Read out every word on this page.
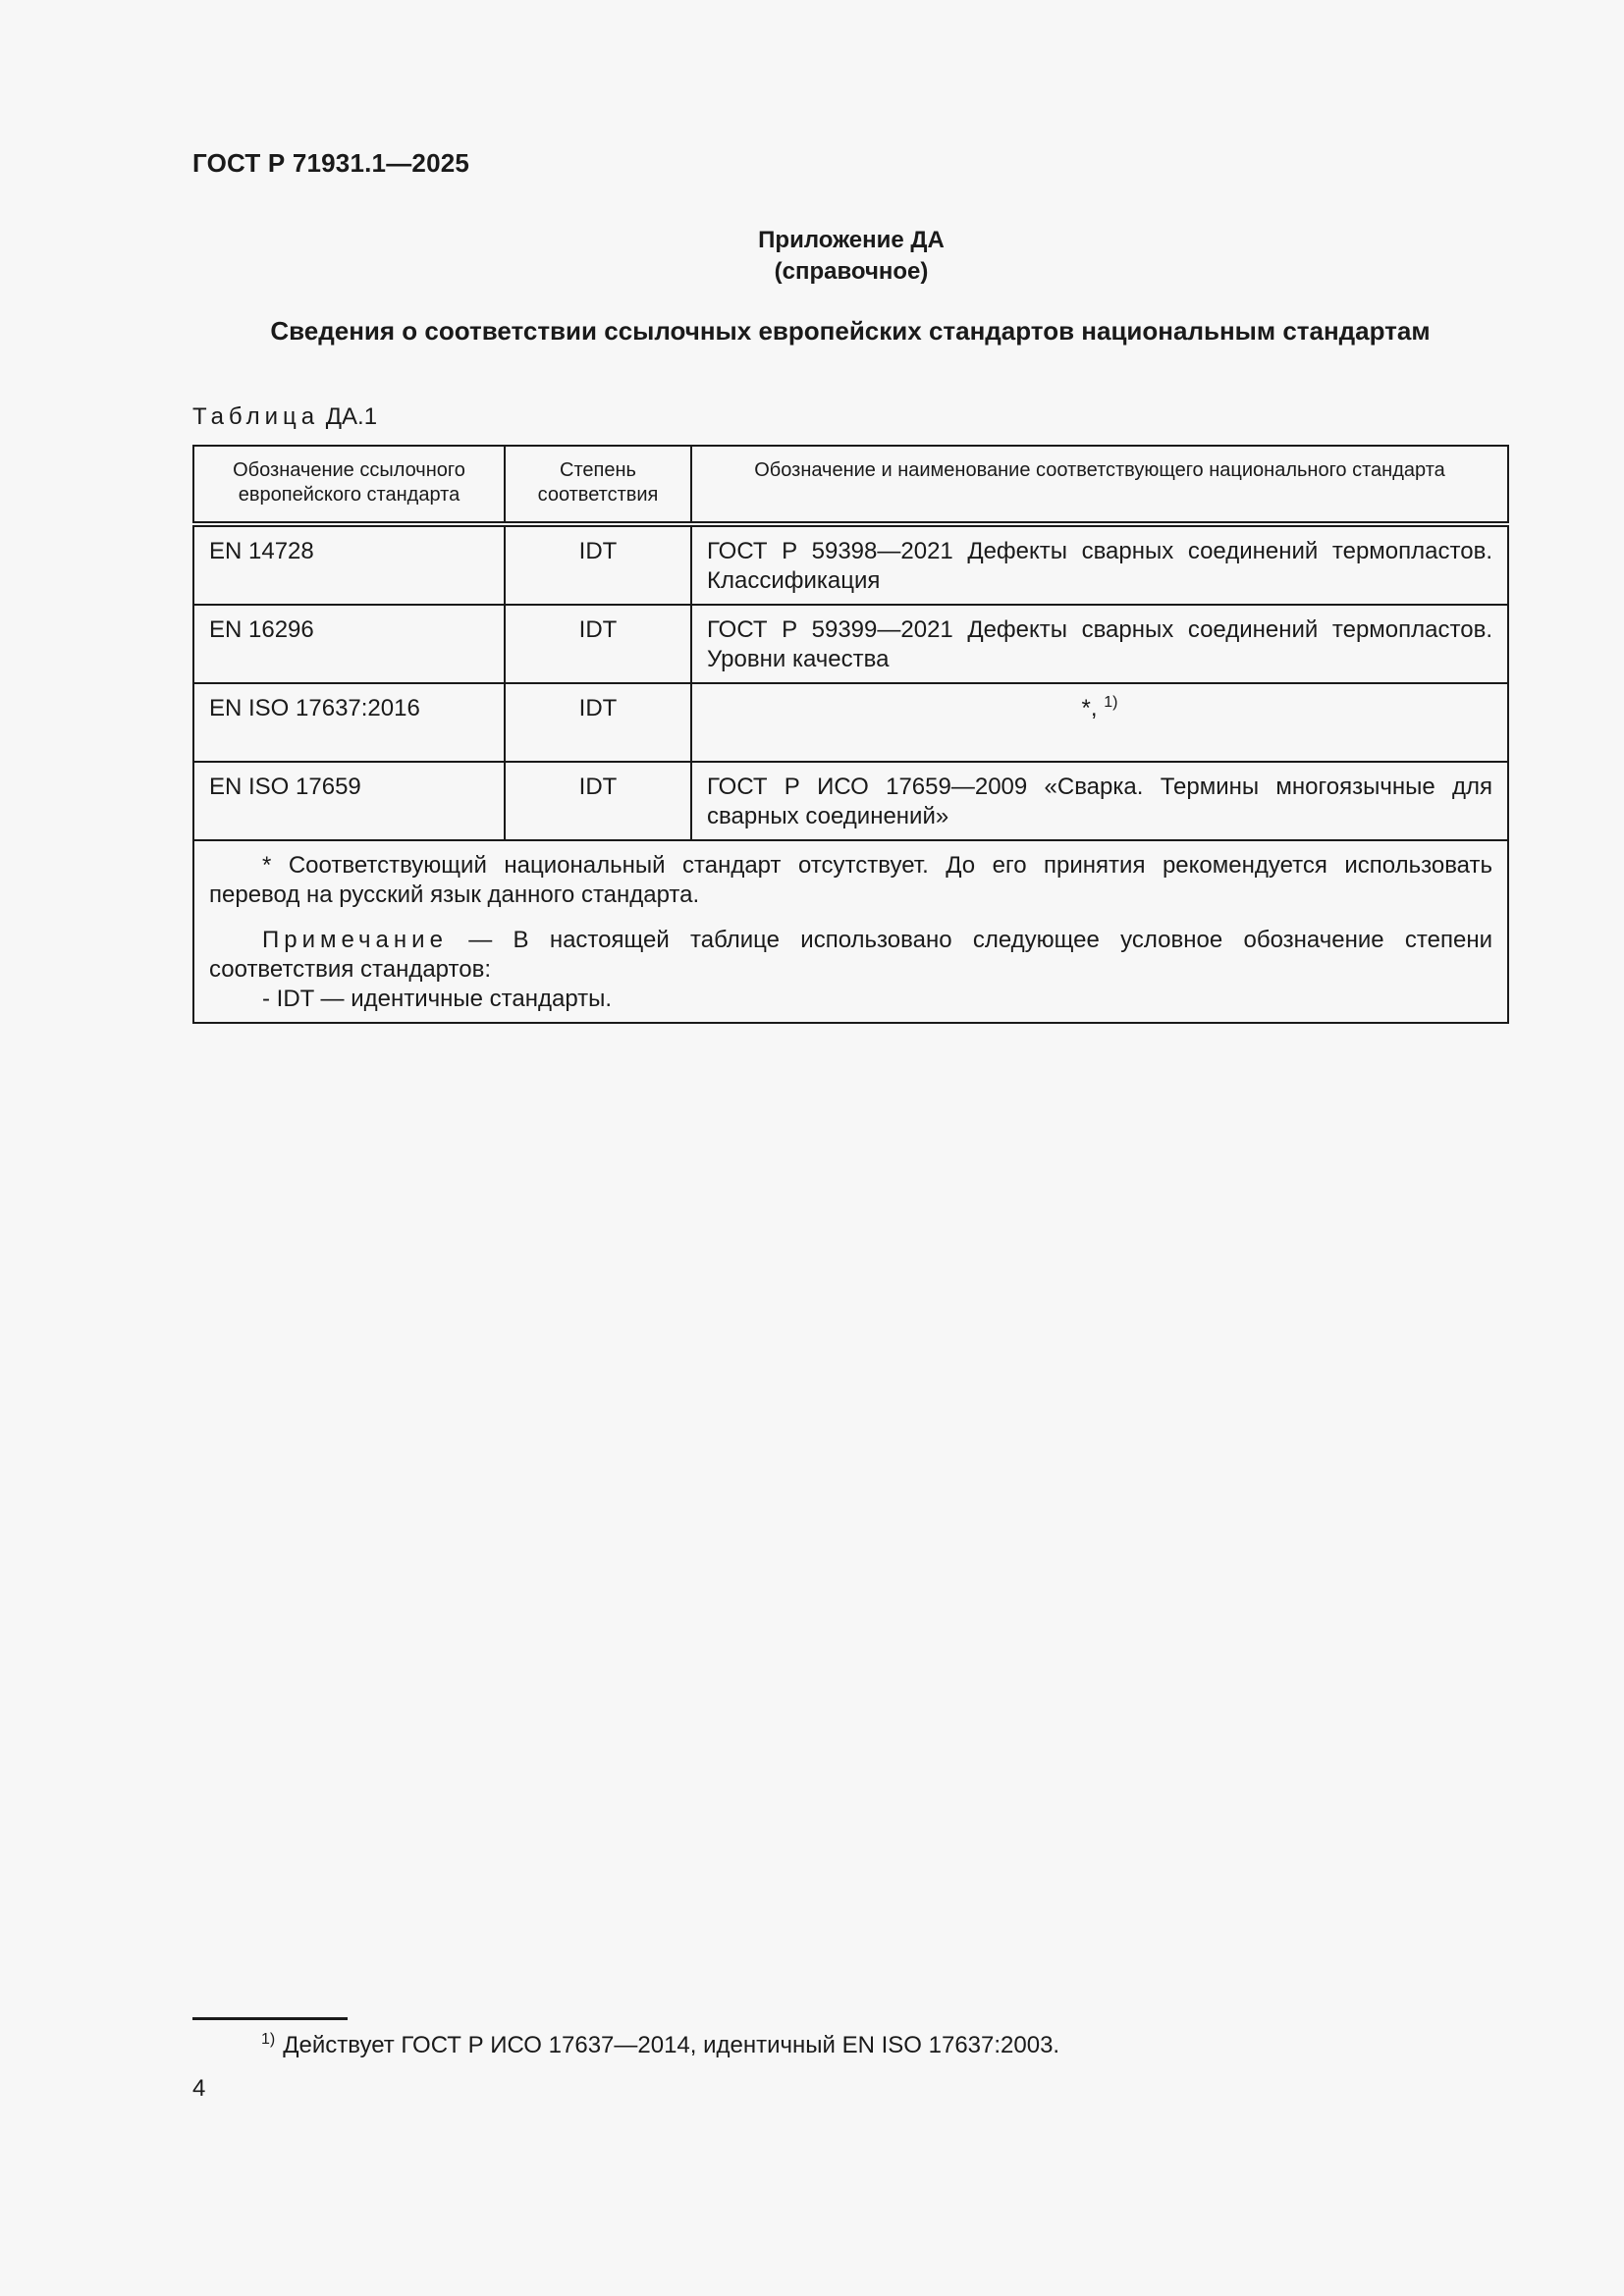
ГОСТ Р 71931.1—2025
Приложение ДА
(справочное)
Сведения о соответствии ссылочных европейских стандартов национальным стандартам
Таблица ДА.1
Обозначение ссылочного европейского стандарта	Степень соответствия	Обозначение и наименование соответствующего национального стандарта
EN 14728	IDT	ГОСТ Р 59398—2021 Дефекты сварных соединений термопластов. Классификация
EN 16296	IDT	ГОСТ Р 59399—2021 Дефекты сварных соединений термопластов. Уровни качества
EN ISO 17637:2016	IDT	*, $^{1)}$
EN ISO 17659	IDT	ГОСТ Р ИСО 17659—2009 «Сварка. Термины многоязычные для сварных соединений»

* Соответствующий национальный стандарт отсутствует. До его принятия рекомендуется использовать перевод на русский язык данного стандарта.

Примечание — В настоящей таблице использовано следующее условное обозначение степени соответствия стандартов:

- IDT — идентичные стандарты.		

$^{1)}$ Действует ГОСТ Р ИСО 17637—2014, идентичный EN ISO 17637:2003.
4
